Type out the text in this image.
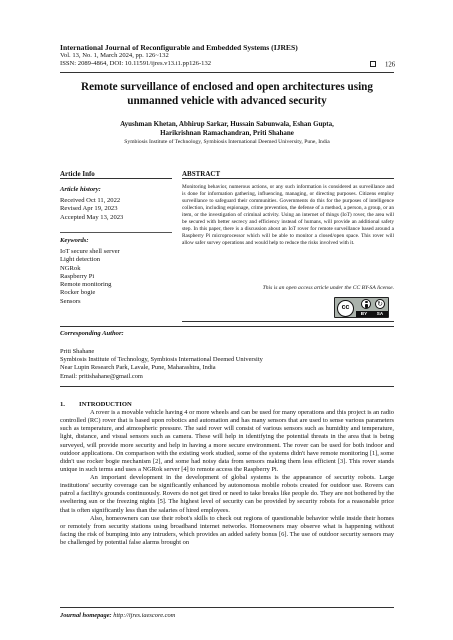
International Journal of Reconfigurable and Embedded Systems (IJRES)
Vol. 13, No. 1, March 2024, pp. 126~132
ISSN: 2089-4864, DOI: 10.11591/ijres.v13.i1.pp126-132	126
Remote surveillance of enclosed and open architectures using
unmanned vehicle with advanced security
Ayushman Khetan, Abhirup Sarkar, Hussain Sabunwala, Eshan Gupta,
Harikrishnan Ramachandran, Priti Shahane
Symbiosis Institute of Technology, Symbiosis International Deemed University, Pune, India
Article Info	ABSTRACT
Article history:
Received Oct 11, 2022
Revised Apr 19, 2023
Accepted May 13, 2023
Keywords:
IoT secure shell server
Light detection
NGRok
Raspberry Pi
Remote monitoring
Rocker bogie
Sensors
Monitoring behavior, numerous actions, or any such information is considered as surveillance and is done for information gathering, influencing, managing, or directing purposes. Citizens employ surveillance to safeguard their communities. Governments do this for the purposes of intelligence collection, including espionage, crime prevention, the defense of a method, a person, a group, or an item, or the investigation of criminal activity. Using an internet of things (IoT) rover, the area will be secured with better secrecy and efficiency instead of humans, will provide an additional safety step. In this paper, there is a discussion about an IoT rover for remote surveillance based around a Raspberry Pi microprocessor which will be able to monitor a closed/open space. This rover will allow safer survey operations and would help to reduce the risks involved with it.
This is an open access article under the CC BY-SA license.
cc	↻
BY SA
Corresponding Author:
Priti Shahane
Symbiosis Institute of Technology, Symbiosis International Deemed University
Near Lupin Research Park, Lavale, Pune, Maharashtra, India
Email: pritishahane@gmail.com
1. INTRODUCTION

A rover is a movable vehicle having 4 or more wheels and can be used for many operations and this project is an radio controlled (RC) rover that is based upon robotics and automation and has many sensors that are used to sense various parameters such as temperature, and atmospheric pressure. The said rover will consist of various sensors such as humidity and temperature, light, distance, and visual sensors such as camera. These will help in identifying the potential threats in the area that is being surveyed, will provide more security and help in having a more secure environment. The rover can be used for both indoor and outdoor applications. On comparison with the existing work studied, some of the systems didn't have remote monitoring [1], some didn't use rocker bogie mechanism [2], and some had noisy data from sensors making them less efficient [3]. This rover stands unique in such terms and uses a NGRok server [4] to remote access the Raspberry Pi.

An important development in the development of global systems is the appearance of security robots. Large institutions' security coverage can be significantly enhanced by autonomous mobile robots created for outdoor use. Rovers can patrol a facility's grounds continuously. Rovers do not get tired or need to take breaks like people do. They are not bothered by the sweltering sun or the freezing nights [5]. The highest level of security can be provided by security robots for a reasonable price that is often significantly less than the salaries of hired employees.

Also, homeowners can use their robot's skills to check out regions of questionable behavior while inside their homes or remotely from security stations using broadband internet networks. Homeowners may observe what is happening without facing the risk of bumping into any intruders, which provides an added safety bonus [6]. The use of outdoor security sensors may be challenged by potential false alarms brought on

Journal homepage: http://ijres.iaescore.com
